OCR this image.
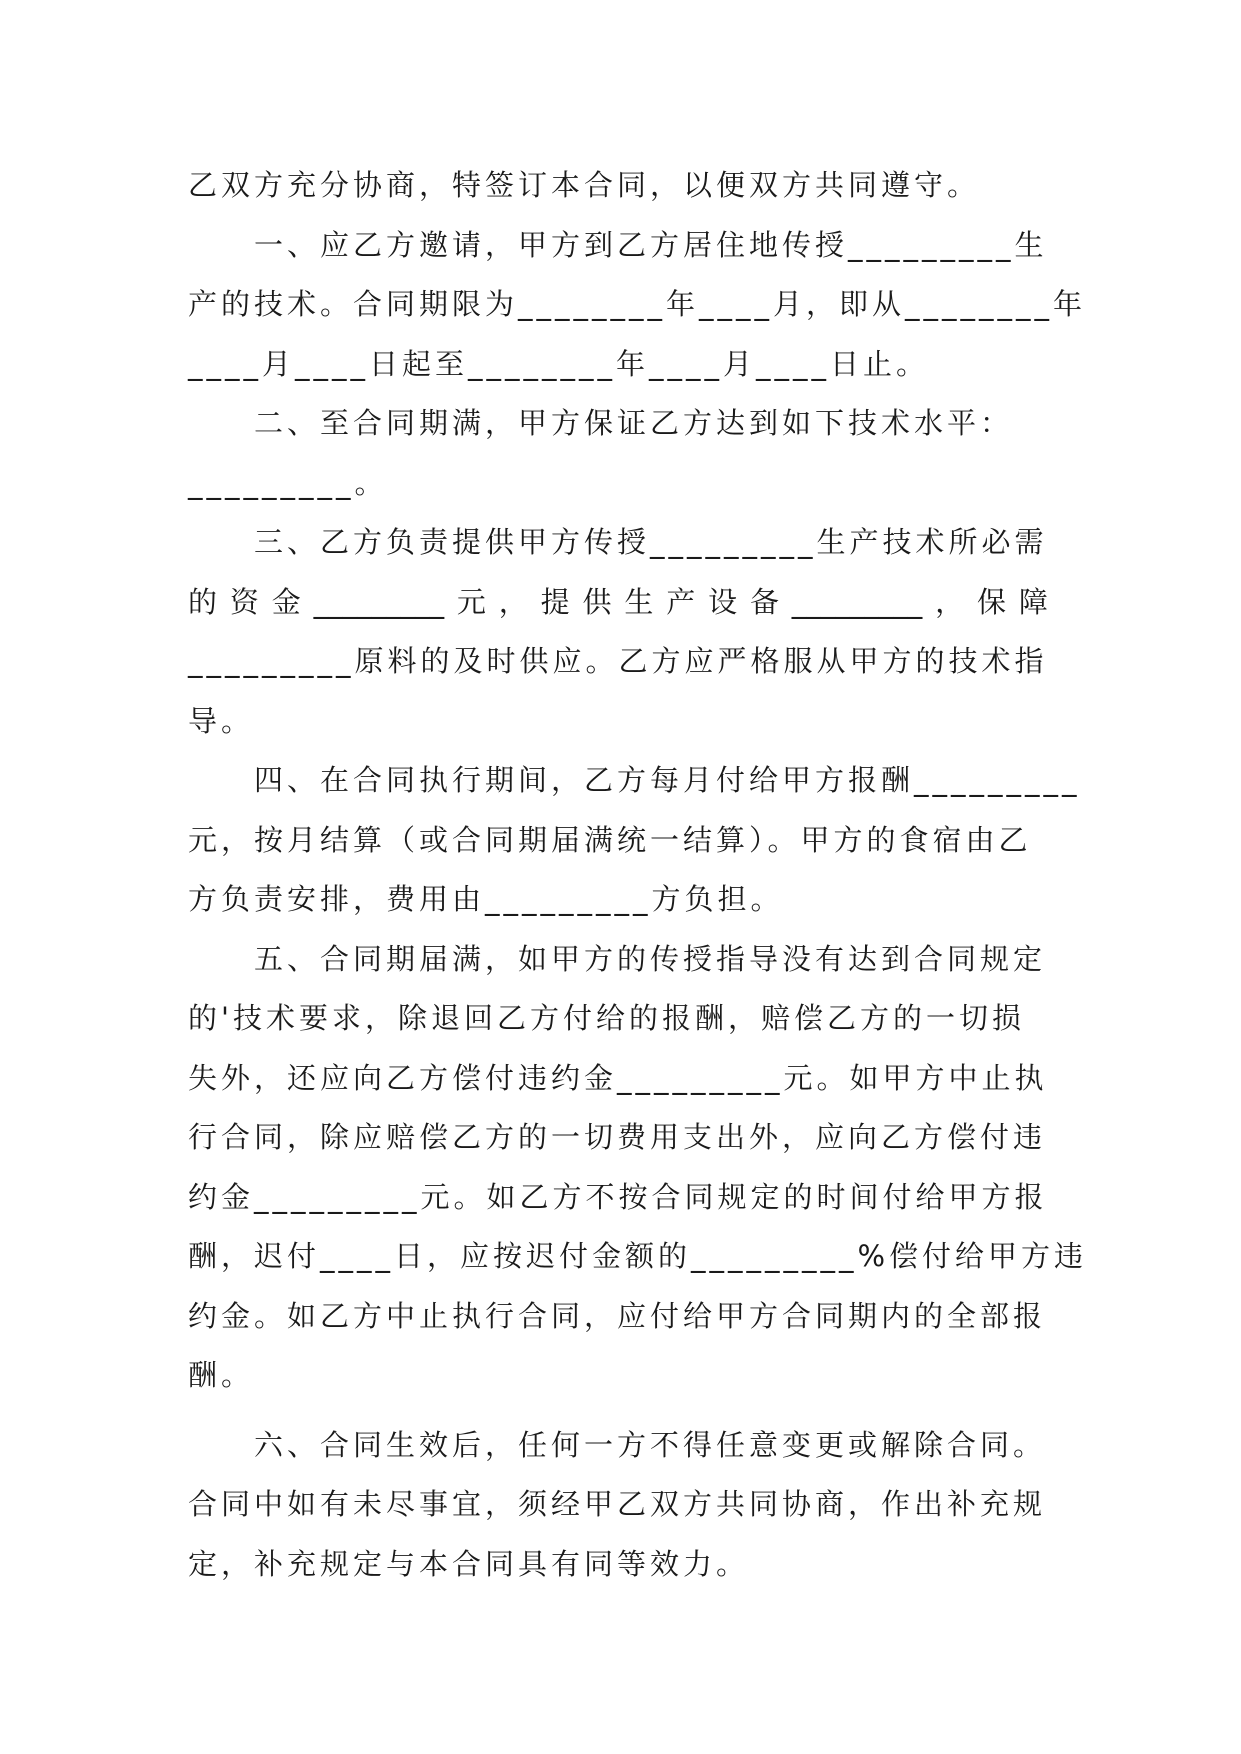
乙双方充分协商，特签订本合同，以便双方共同遵守。
一、应乙方邀请，甲方到乙方居住地传授_________生
产的技术。合同期限为________年____月，即从________年
____月____日起至________年____月____日止。
二、至合同期满，甲方保证乙方达到如下技术水平：
_________。
三、乙方负责提供甲方传授_________生产技术所必需
的 资 金 _________ 元 ， 提 供 生 产 设 备 _________ ， 保 障
_________原料的及时供应。乙方应严格服从甲方的技术指
导。
四、在合同执行期间，乙方每月付给甲方报酬_________
元，按月结算（或合同期届满统一结算）。甲方的食宿由乙
方负责安排，费用由_________方负担。
五、合同期届满，如甲方的传授指导没有达到合同规定
的'技术要求，除退回乙方付给的报酬，赔偿乙方的一切损
失外，还应向乙方偿付违约金_________元。如甲方中止执
行合同，除应赔偿乙方的一切费用支出外，应向乙方偿付违
约金_________元。如乙方不按合同规定的时间付给甲方报
酬，迟付____日，应按迟付金额的_________%偿付给甲方违
约金。如乙方中止执行合同，应付给甲方合同期内的全部报
酬。
六、合同生效后，任何一方不得任意变更或解除合同。
合同中如有未尽事宜，须经甲乙双方共同协商，作出补充规
定，补充规定与本合同具有同等效力。
